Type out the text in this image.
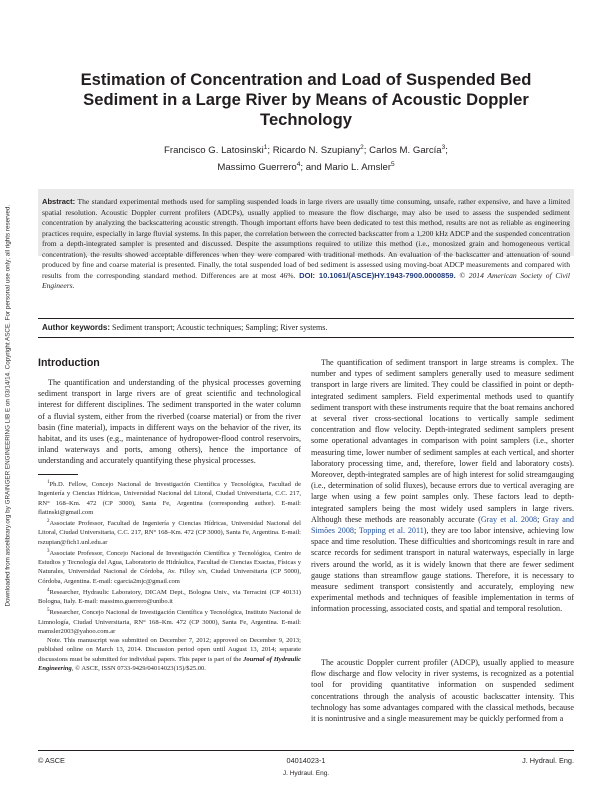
Downloaded from ascelibrary.org by GRAINGER ENGINEERING LIB E on 03/14/14. Copyright ASCE. For personal use only; all rights reserved.
Estimation of Concentration and Load of Suspended Bed Sediment in a Large River by Means of Acoustic Doppler Technology
Francisco G. Latosinski$^1$; Ricardo N. Szupiany$^2$; Carlos M. García$^3$;
Massimo Guerrero$^4$; and Mario L. Amsler$^5$

Abstract: The standard experimental methods used for sampling suspended loads in large rivers are usually time consuming, unsafe, rather expensive, and have a limited spatial resolution. Acoustic Doppler current profilers (ADCPs), usually applied to measure the flow discharge, may also be used to assess the suspended sediment concentration by analyzing the backscattering acoustic strength. Though important efforts have been dedicated to test this method, results are not as reliable as engineering practices require, especially in large fluvial systems. In this paper, the correlation between the corrected backscatter from a 1,200 kHz ADCP and the suspended concentration from a depth-integrated sampler is presented and discussed. Despite the assumptions required to utilize this method (i.e., monosized grain and homogeneous vertical concentration), the results showed acceptable differences when they were compared with traditional methods. An evaluation of the backscatter and attenuation of sound produced by fine and coarse material is presented. Finally, the total suspended load of bed sediment is assessed using moving-boat ADCP measurements and compared with results from the corresponding standard method. Differences are at most 46%. DOI: 10.1061/(ASCE)HY.1943-7900.0000859. © 2014 American Society of Civil Engineers.

Author keywords: Sediment transport; Acoustic techniques; Sampling; River systems.
Introduction

The quantification and understanding of the physical processes governing sediment transport in large rivers are of great scientific and technological interest for different disciplines. The sediment transported in the water column of a fluvial system, either from the riverbed (coarse material) or from the river basin (fine material), impacts in different ways on the behavior of the river, its habitat, and its uses (e.g., maintenance of hydropower-flood control reservoirs, inland waterways and ports, among others), hence the importance of understanding and accurately quantifying these physical processes.

$^1$Ph.D. Fellow, Concejo Nacional de Investigación Científica y Tecnológica, Facultad de Ingeniería y Ciencias Hídricas, Universidad Nacional del Litoral, Ciudad Universitaria, C.C. 217, RN° 168–Km. 472 (CP 3000), Santa Fe, Argentina (corresponding author). E-mail: flatinski@gmail.com

$^2$Associate Professor, Facultad de Ingeniería y Ciencias Hídricas, Universidad Nacional del Litoral, Ciudad Universitaria, C.C. 217, RN° 168–Km. 472 (CP 3000), Santa Fe, Argentina. E-mail: rszupian@fich1.unl.edu.ar

$^3$Associate Professor, Concejo Nacional de Investigación Científica y Tecnológica, Centro de Estudios y Tecnología del Agua, Laboratorio de Hidráulica, Facultad de Ciencias Exactas, Físicas y Naturales, Universidad Nacional de Córdoba, Av. Filloy s/n, Ciudad Universitaria (CP 5000), Córdoba, Argentina. E-mail: cgarcia2mjc@gmail.com

$^4$Researcher, Hydraulic Laboratory, DICAM Dept., Bologna Univ., via Terracini (CP 40131) Bologna, Italy. E-mail: massimo.guerrero@unibo.it

$^5$Researcher, Concejo Nacional de Investigación Científica y Tecnológica, Instituto Nacional de Limnología, Ciudad Universitaria, RN° 168–Km. 472 (CP 3000), Santa Fe, Argentina. E-mail: mamsler2003@yahoo.com.ar

Note. This manuscript was submitted on December 7, 2012; approved on December 9, 2013; published online on March 13, 2014. Discussion period open until August 13, 2014; separate discussions must be submitted for individual papers. This paper is part of the Journal of Hydraulic Engineering, © ASCE, ISSN 0733-9429/04014023(15)/$25.00.

The quantification of sediment transport in large streams is complex. The number and types of sediment samplers generally used to measure sediment transport in large rivers are limited. They could be classified in point or depth-integrated sediment samplers. Field experimental methods used to quantify sediment transport with these instruments require that the boat remains anchored at several river cross-sectional locations to vertically sample sediment concentration and flow velocity. Depth-integrated sediment samplers present some operational advantages in comparison with point samplers (i.e., shorter measuring time, lower number of sediment samples at each vertical, and shorter laboratory processing time, and, therefore, lower field and laboratory costs). Moreover, depth-integrated samples are of high interest for solid streamgauging (i.e., determination of solid fluxes), because errors due to vertical averaging are large when using a few point samples only. These factors lead to depth-integrated samplers being the most widely used samplers in large rivers. Although these methods are reasonably accurate (Gray et al. 2008; Gray and Simões 2008; Topping et al. 2011), they are too labor intensive, achieving low space and time resolution. These difficulties and shortcomings result in rare and scarce records for sediment transport in natural waterways, especially in large rivers around the world, as it is widely known that there are fewer sediment gauge stations than streamflow gauge stations. Therefore, it is necessary to measure sediment transport consistently and accurately, employing new experimental methods and techniques of feasible implementation in terms of information processing, associated costs, and spatial and temporal resolution.

The acoustic Doppler current profiler (ADCP), usually applied to measure flow discharge and flow velocity in river systems, is recognized as a potential tool for providing quantitative information on suspended sediment concentrations through the analysis of acoustic backscatter intensity. This technology has some advantages compared with the classical methods, because it is nonintrusive and a single measurement may be quickly performed from a

© ASCE	04014023-1	J. Hydraul. Eng.
J. Hydraul. Eng.
